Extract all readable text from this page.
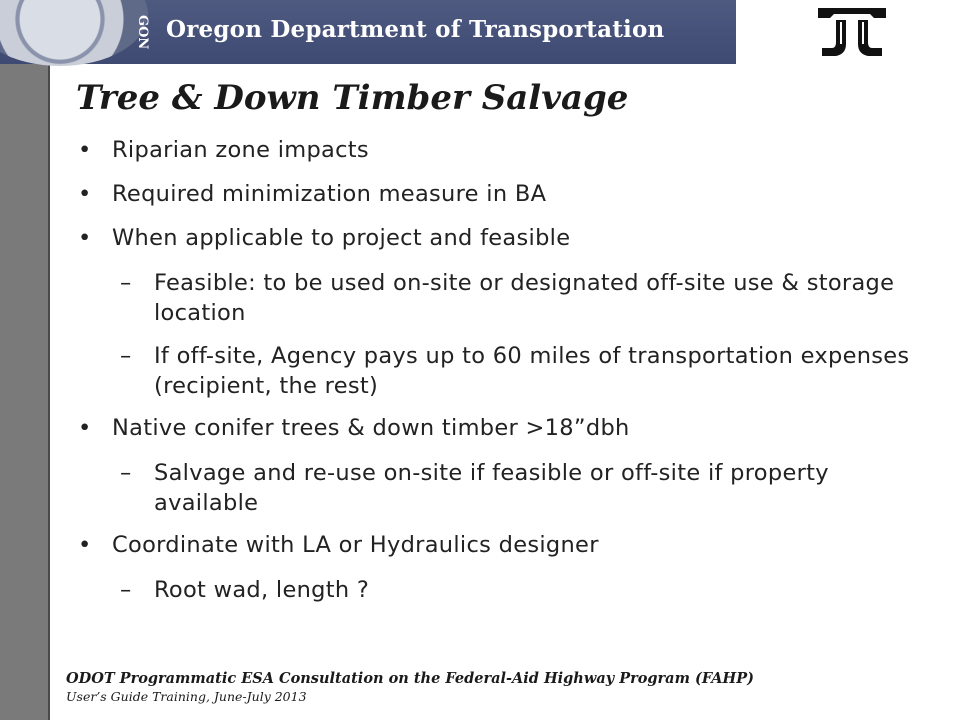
GON Oregon Department of Transportation
Tree & Down Timber Salvage
• Riparian zone impacts
• Required minimization measure in BA
• When applicable to project and feasible
– Feasible: to be used on-site or designated off-site use & storage location
– If off-site, Agency pays up to 60 miles of transportation expenses (recipient, the rest)
• Native conifer trees & down timber >18”dbh
– Salvage and re-use on-site if feasible or off-site if property available
• Coordinate with LA or Hydraulics designer
– Root wad, length ?
ODOT Programmatic ESA Consultation on the Federal-Aid Highway Program (FAHP)
User’s Guide Training, June-July 2013
